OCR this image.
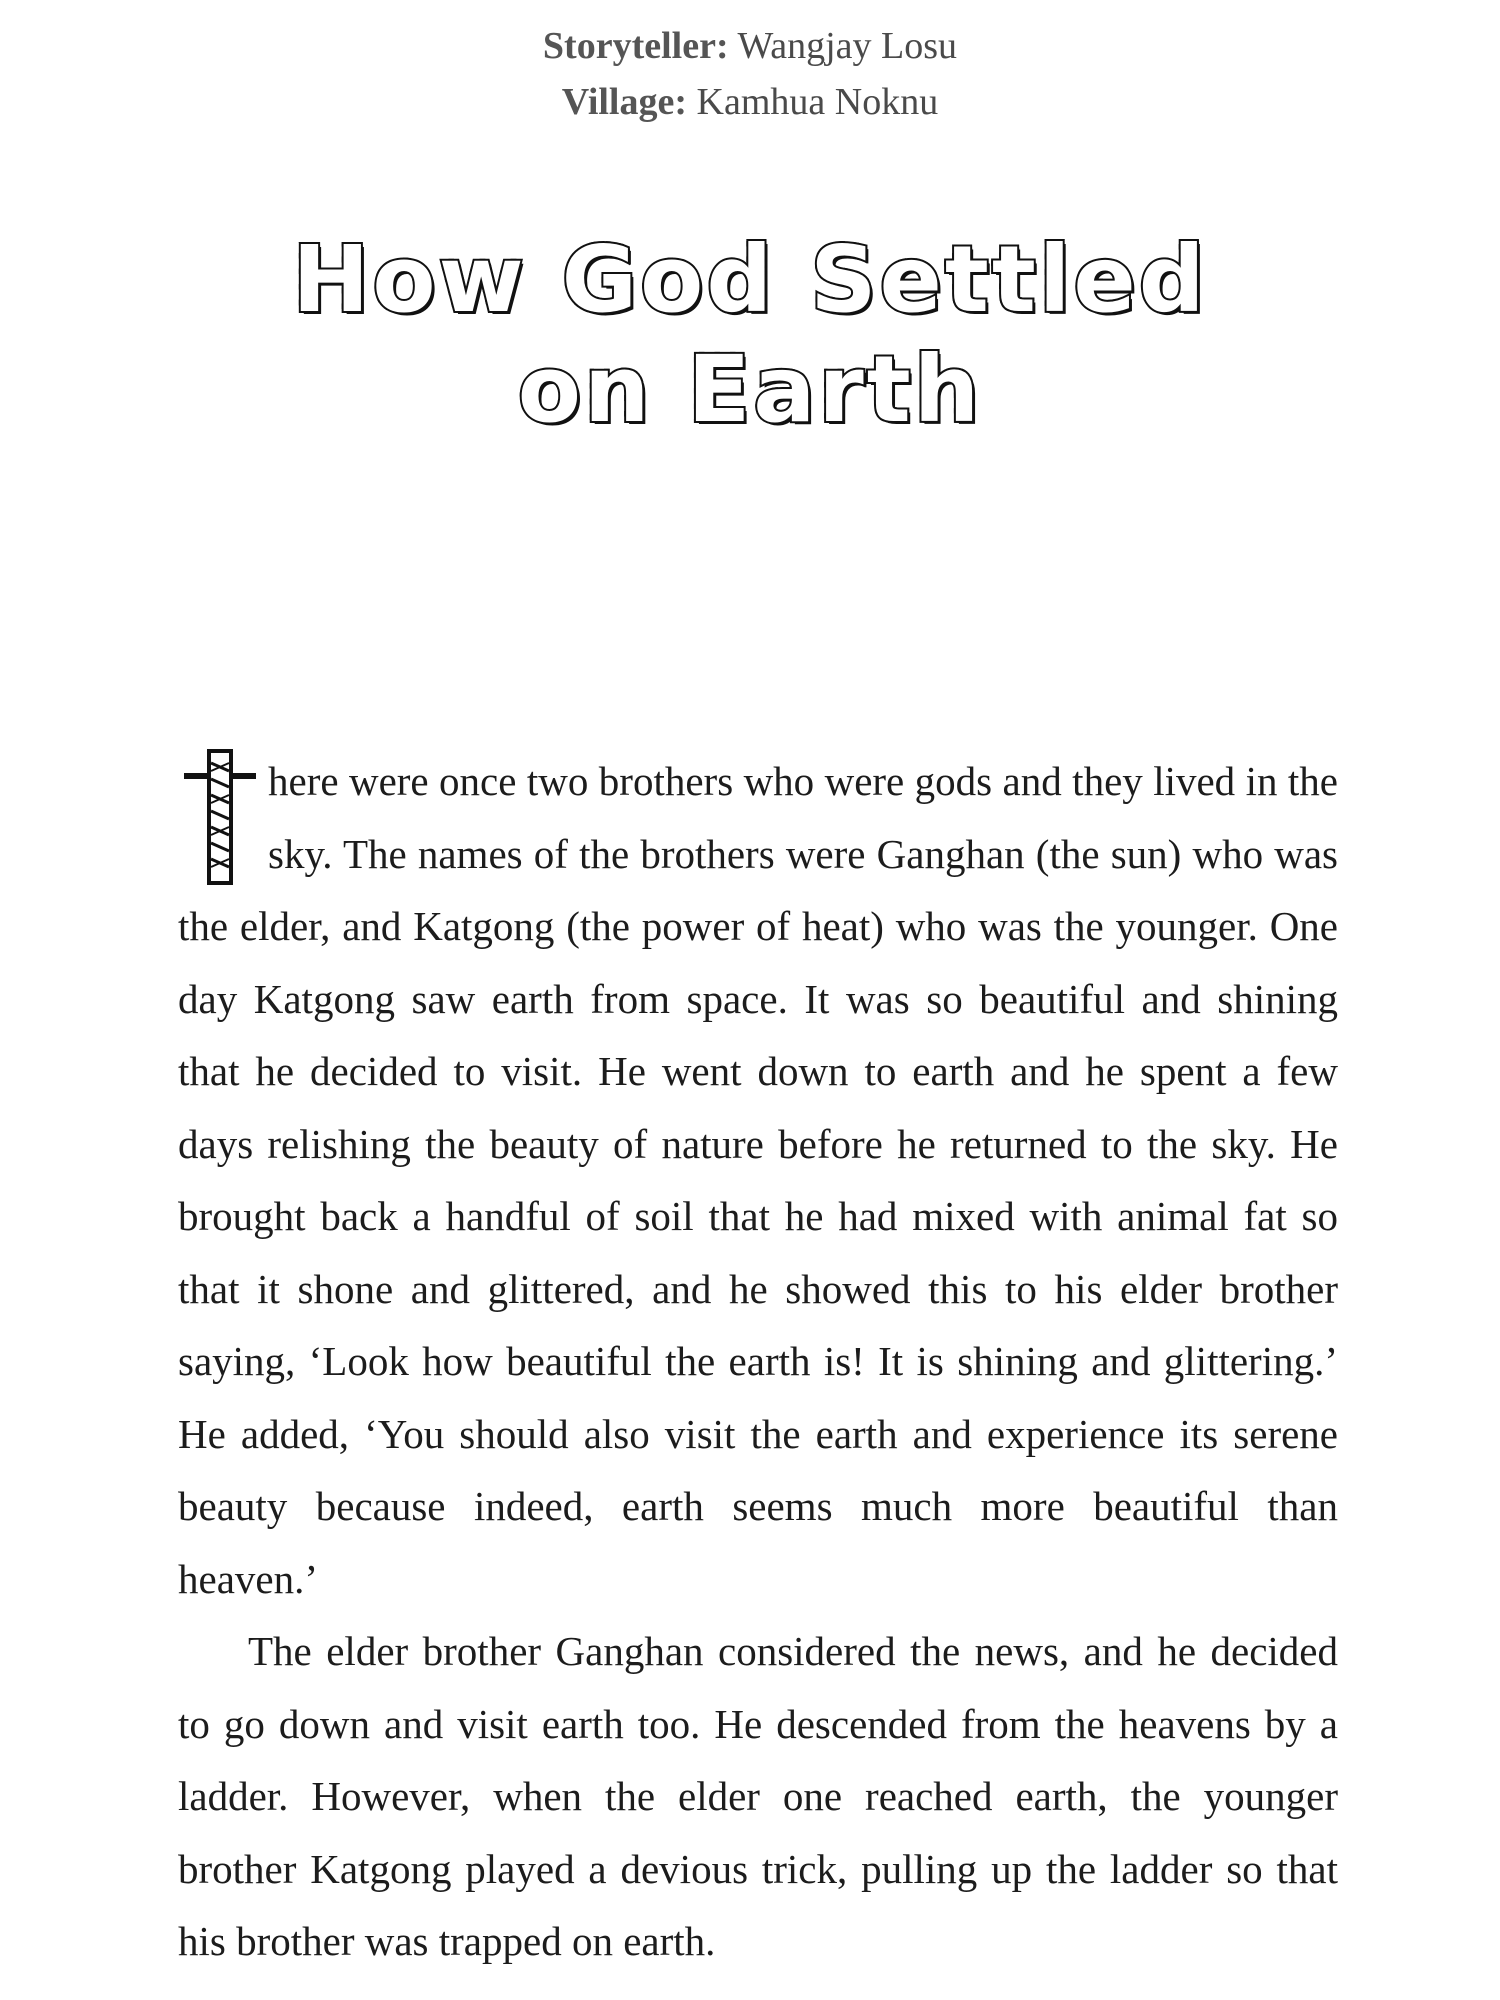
Storyteller: Wangjay Losu
Village: Kamhua Noknu
How God Settled
on Earth

here were once two brothers who were gods and they lived in the sky. The names of the brothers were Ganghan (the sun) who was the elder, and Katgong (the power of heat) who was the younger. One day Katgong saw earth from space. It was so beautiful and shining that he decided to visit. He went down to earth and he spent a few days relishing the beauty of nature before he returned to the sky. He brought back a handful of soil that he had mixed with animal fat so that it shone and glittered, and he showed this to his elder brother saying, ‘Look how beautiful the earth is! It is shining and glittering.’ He added, ‘You should also visit the earth and experience its serene beauty because indeed, earth seems much more beautiful than heaven.’

The elder brother Ganghan considered the news, and he decided to go down and visit earth too. He descended from the heavens by a ladder. However, when the elder one reached earth, the younger brother Katgong played a devious trick, pulling up the ladder so that his brother was trapped on earth.
